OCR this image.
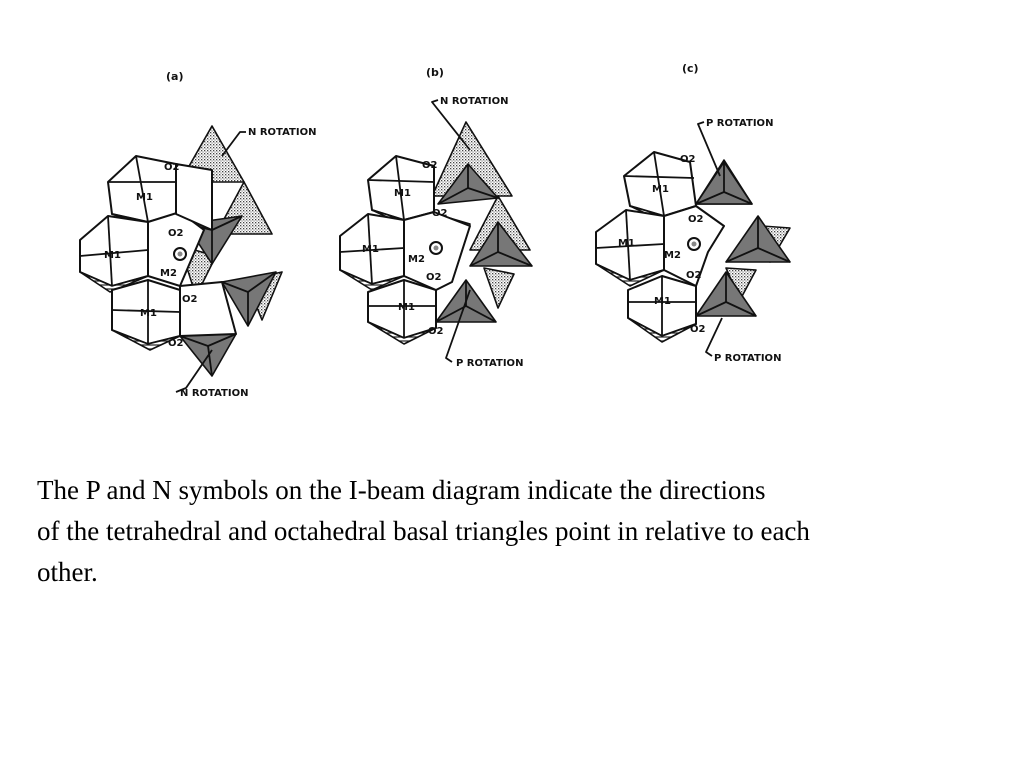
(a)
M1
M1
M1
M2
O2
O2
O2
O2
N ROTATION
N ROTATION
(b)
M1
M1
M1
M2
O2
O2
O2
O2
N ROTATION
P ROTATION
(c)
M1
M1
M1
M2
O2
O2
O2
O2
P ROTATION
P ROTATION

The P and N symbols on the I-beam diagram indicate the directions

of the tetrahedral and octahedral basal triangles point in relative to each

other.
